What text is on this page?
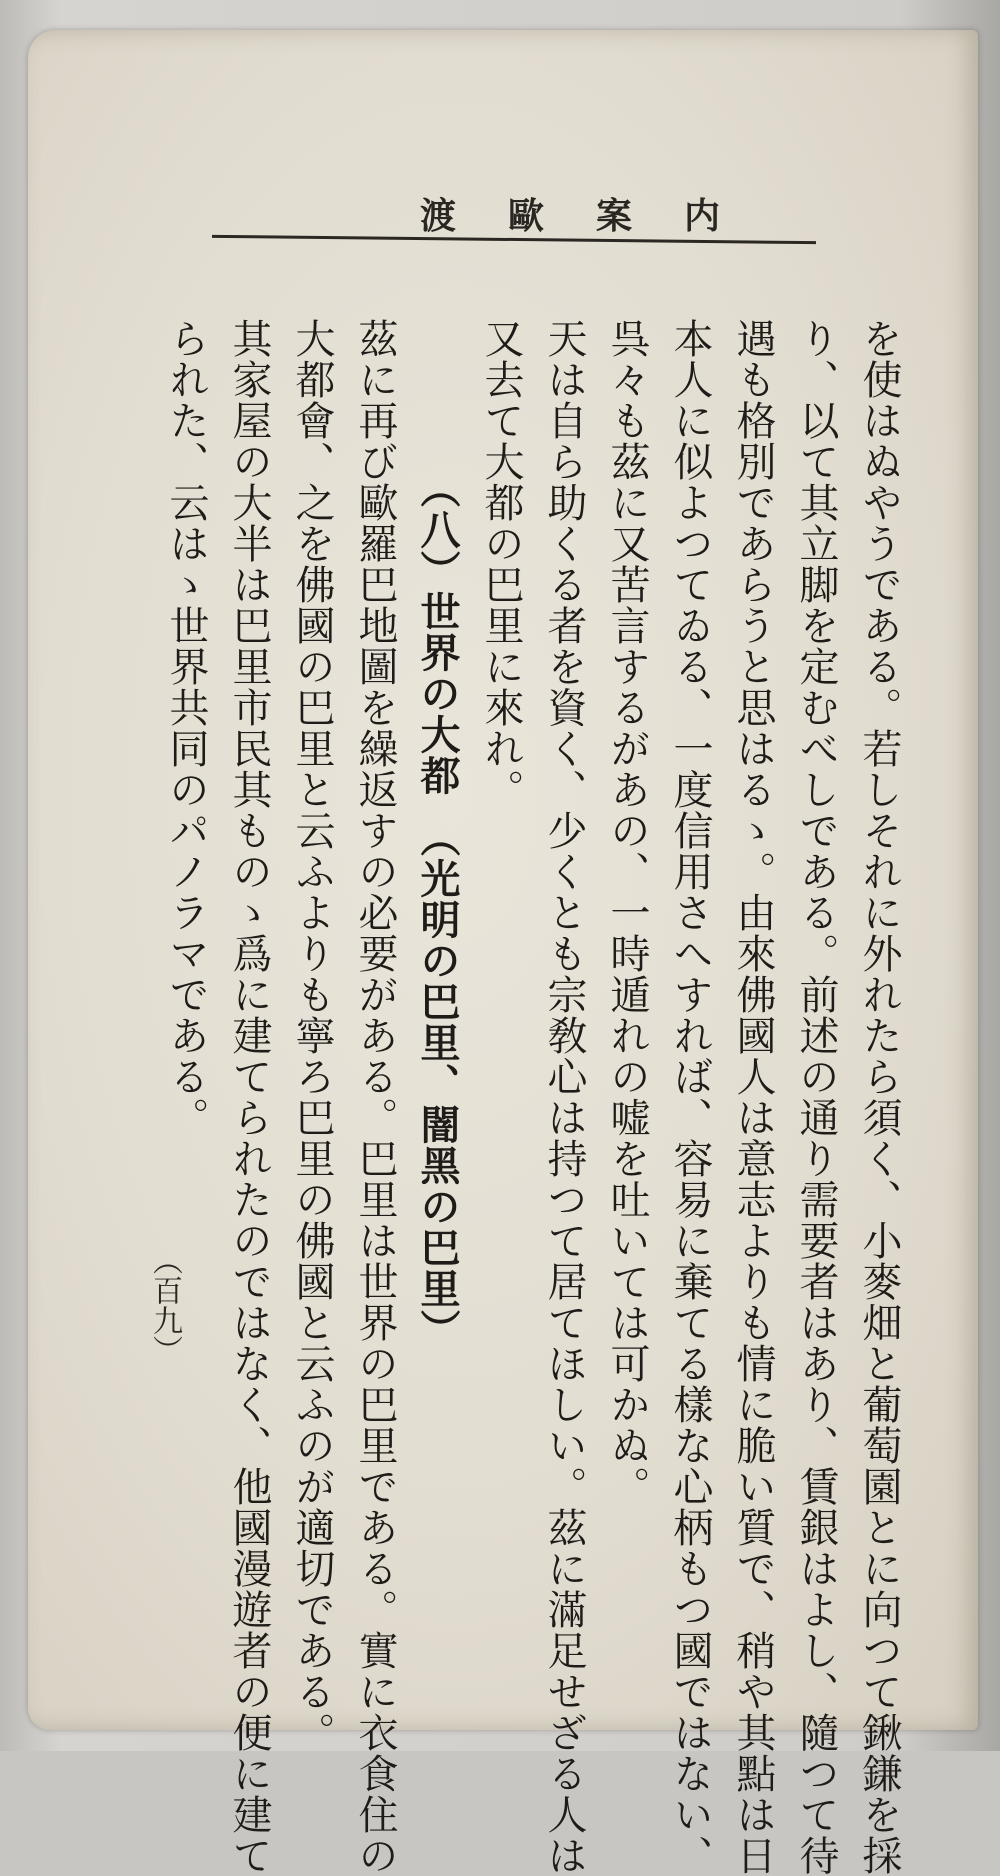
渡歐案内
を使はぬやうである。若しそれに外れたら須く、小麥畑と葡萄園とに向つて鍬鎌を採
り、以て其立脚を定むべしである。前述の通り需要者はあり、賃銀はよし、隨つて待
遇も格別であらうと思はるゝ。由來佛國人は意志よりも情に脆い質で、稍や其點は日
本人に似よつてゐる、一度信用さへすれば、容易に棄てる樣な心柄もつ國ではない、
呉々も茲に又苦言するがあの、一時遁れの嘘を吐いては可かぬ。
天は自ら助くる者を資く、少くとも宗敎心は持つて居てほしい。茲に滿足せざる人は
又去て大都の巴里に來れ。
（八）世界の大都　（光明の巴里、闇黑の巴里）
茲に再び歐羅巴地圖を繰返すの必要がある。巴里は世界の巴里である。實に衣食住の
大都會、之を佛國の巴里と云ふよりも寧ろ巴里の佛國と云ふのが適切である。
其家屋の大半は巴里市民其ものゝ爲に建てられたのではなく、他國漫遊者の便に建て
られた、云はゝ世界共同のパノラマである。
（百九）
